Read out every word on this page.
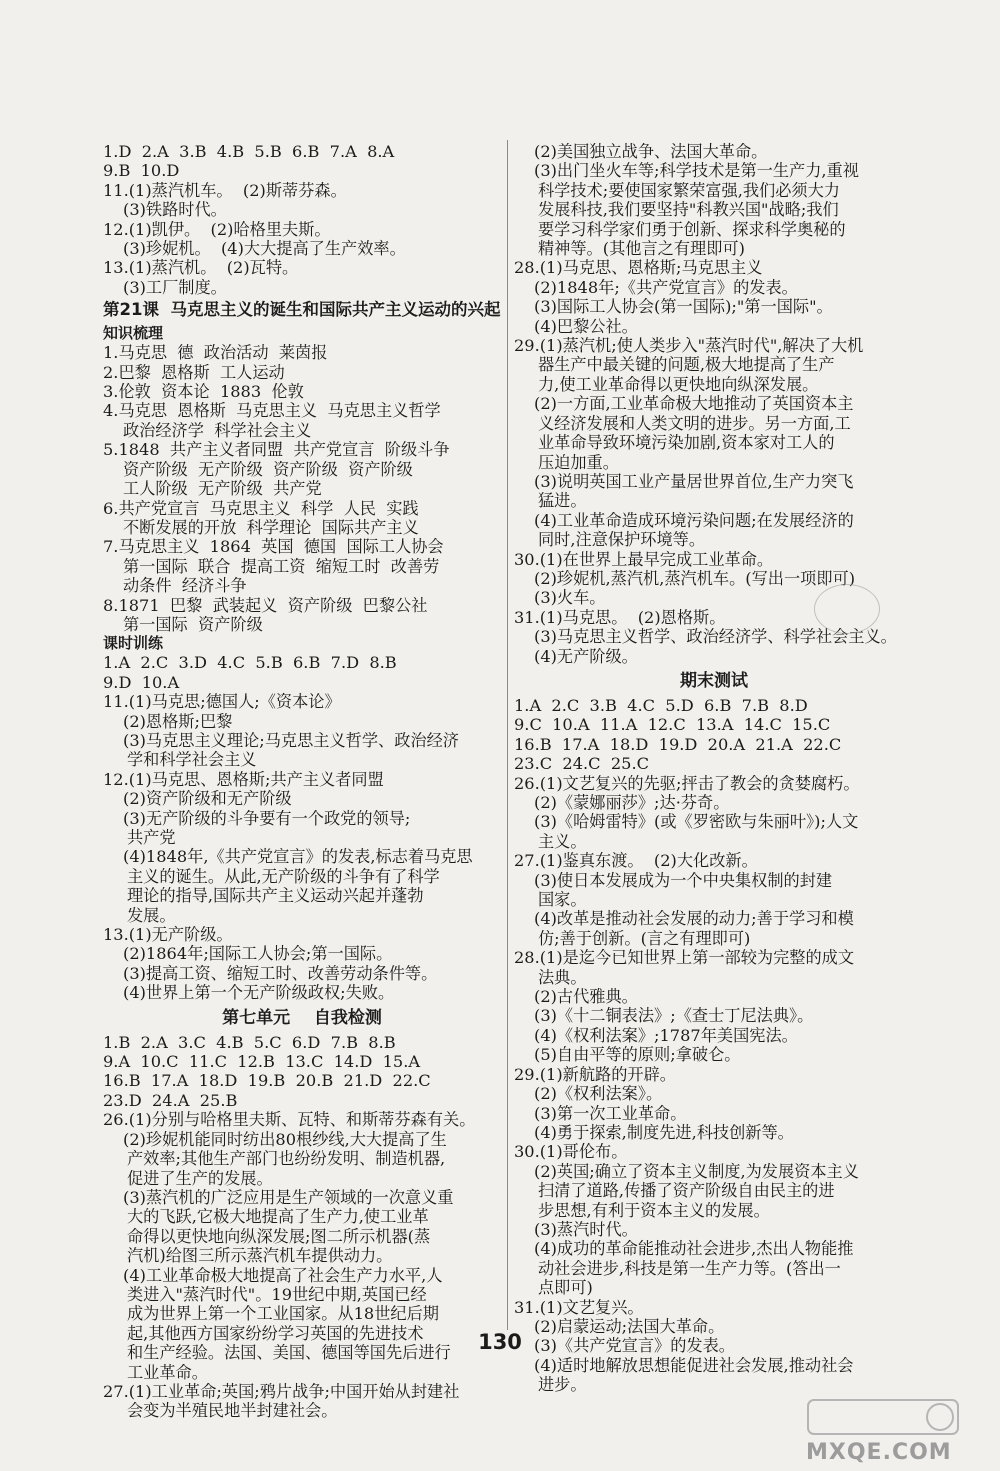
1.D  2.A  3.B  4.B  5.B  6.B  7.A  8.A
9.B  10.D
11.(1)蒸汽机车。  (2)斯蒂芬森。
(3)铁路时代。
12.(1)凯伊。  (2)哈格里夫斯。
(3)珍妮机。  (4)大大提高了生产效率。
13.(1)蒸汽机。  (2)瓦特。
(3)工厂制度。
第21课  马克思主义的诞生和国际共产主义运动的兴起
知识梳理
1.马克思  德  政治活动  莱茵报
2.巴黎  恩格斯  工人运动
3.伦敦  资本论  1883  伦敦
4.马克思  恩格斯  马克思主义  马克思主义哲学
政治经济学  科学社会主义
5.1848  共产主义者同盟  共产党宣言  阶级斗争
资产阶级  无产阶级  资产阶级  资产阶级
工人阶级  无产阶级  共产党
6.共产党宣言  马克思主义  科学  人民  实践
不断发展的开放  科学理论  国际共产主义
7.马克思主义  1864  英国  德国  国际工人协会
第一国际  联合  提高工资  缩短工时  改善劳
动条件  经济斗争
8.1871  巴黎  武装起义  资产阶级  巴黎公社
第一国际  资产阶级
课时训练
1.A  2.C  3.D  4.C  5.B  6.B  7.D  8.B
9.D  10.A
11.(1)马克思;德国人;《资本论》
(2)恩格斯;巴黎
(3)马克思主义理论;马克思主义哲学、政治经济
学和科学社会主义
12.(1)马克思、恩格斯;共产主义者同盟
(2)资产阶级和无产阶级
(3)无产阶级的斗争要有一个政党的领导;
共产党
(4)1848年,《共产党宣言》的发表,标志着马克思
主义的诞生。从此,无产阶级的斗争有了科学
理论的指导,国际共产主义运动兴起并蓬勃
发展。
13.(1)无产阶级。
(2)1864年;国际工人协会;第一国际。
(3)提高工资、缩短工时、改善劳动条件等。
(4)世界上第一个无产阶级政权;失败。
第七单元    自我检测
1.B  2.A  3.C  4.B  5.C  6.D  7.B  8.B
9.A  10.C  11.C  12.B  13.C  14.D  15.A
16.B  17.A  18.D  19.B  20.B  21.D  22.C
23.D  24.A  25.B
26.(1)分别与哈格里夫斯、瓦特、和斯蒂芬森有关。
(2)珍妮机能同时纺出80根纱线,大大提高了生
产效率;其他生产部门也纷纷发明、制造机器,
促进了生产的发展。
(3)蒸汽机的广泛应用是生产领域的一次意义重
大的飞跃,它极大地提高了生产力,使工业革
命得以更快地向纵深发展;图二所示机器(蒸
汽机)给图三所示蒸汽机车提供动力。
(4)工业革命极大地提高了社会生产力水平,人
类进入"蒸汽时代"。19世纪中期,英国已经
成为世界上第一个工业国家。从18世纪后期
起,其他西方国家纷纷学习英国的先进技术
和生产经验。法国、美国、德国等国先后进行
工业革命。
27.(1)工业革命;英国;鸦片战争;中国开始从封建社
会变为半殖民地半封建社会。
(2)美国独立战争、法国大革命。
(3)出门坐火车等;科学技术是第一生产力,重视
科学技术;要使国家繁荣富强,我们必须大力
发展科技,我们要坚持"科教兴国"战略;我们
要学习科学家们勇于创新、探求科学奥秘的
精神等。(其他言之有理即可)
28.(1)马克思、恩格斯;马克思主义
(2)1848年;《共产党宣言》的发表。
(3)国际工人协会(第一国际);"第一国际"。
(4)巴黎公社。
29.(1)蒸汽机;使人类步入"蒸汽时代",解决了大机
器生产中最关键的问题,极大地提高了生产
力,使工业革命得以更快地向纵深发展。
(2)一方面,工业革命极大地推动了英国资本主
义经济发展和人类文明的进步。另一方面,工
业革命导致环境污染加剧,资本家对工人的
压迫加重。
(3)说明英国工业产量居世界首位,生产力突飞
猛进。
(4)工业革命造成环境污染问题;在发展经济的
同时,注意保护环境等。
30.(1)在世界上最早完成工业革命。
(2)珍妮机,蒸汽机,蒸汽机车。(写出一项即可)
(3)火车。
31.(1)马克思。  (2)恩格斯。
(3)马克思主义哲学、政治经济学、科学社会主义。
(4)无产阶级。
期末测试
1.A  2.C  3.B  4.C  5.D  6.B  7.B  8.D
9.C  10.A  11.A  12.C  13.A  14.C  15.C
16.B  17.A  18.D  19.D  20.A  21.A  22.C
23.C  24.C  25.C
26.(1)文艺复兴的先驱;抨击了教会的贪婪腐朽。
(2)《蒙娜丽莎》;达·芬奇。
(3)《哈姆雷特》(或《罗密欧与朱丽叶》);人文
主义。
27.(1)鉴真东渡。  (2)大化改新。
(3)使日本发展成为一个中央集权制的封建
国家。
(4)改革是推动社会发展的动力;善于学习和模
仿;善于创新。(言之有理即可)
28.(1)是迄今已知世界上第一部较为完整的成文
法典。
(2)古代雅典。
(3)《十二铜表法》;《查士丁尼法典》。
(4)《权利法案》;1787年美国宪法。
(5)自由平等的原则;拿破仑。
29.(1)新航路的开辟。
(2)《权利法案》。
(3)第一次工业革命。
(4)勇于探索,制度先进,科技创新等。
30.(1)哥伦布。
(2)英国;确立了资本主义制度,为发展资本主义
扫清了道路,传播了资产阶级自由民主的进
步思想,有利于资本主义的发展。
(3)蒸汽时代。
(4)成功的革命能推动社会进步,杰出人物能推
动社会进步,科技是第一生产力等。(答出一
点即可)
31.(1)文艺复兴。
(2)启蒙运动;法国大革命。
(3)《共产党宣言》的发表。
(4)适时地解放思想能促进社会发展,推动社会
进步。
130
MXQE.COM
